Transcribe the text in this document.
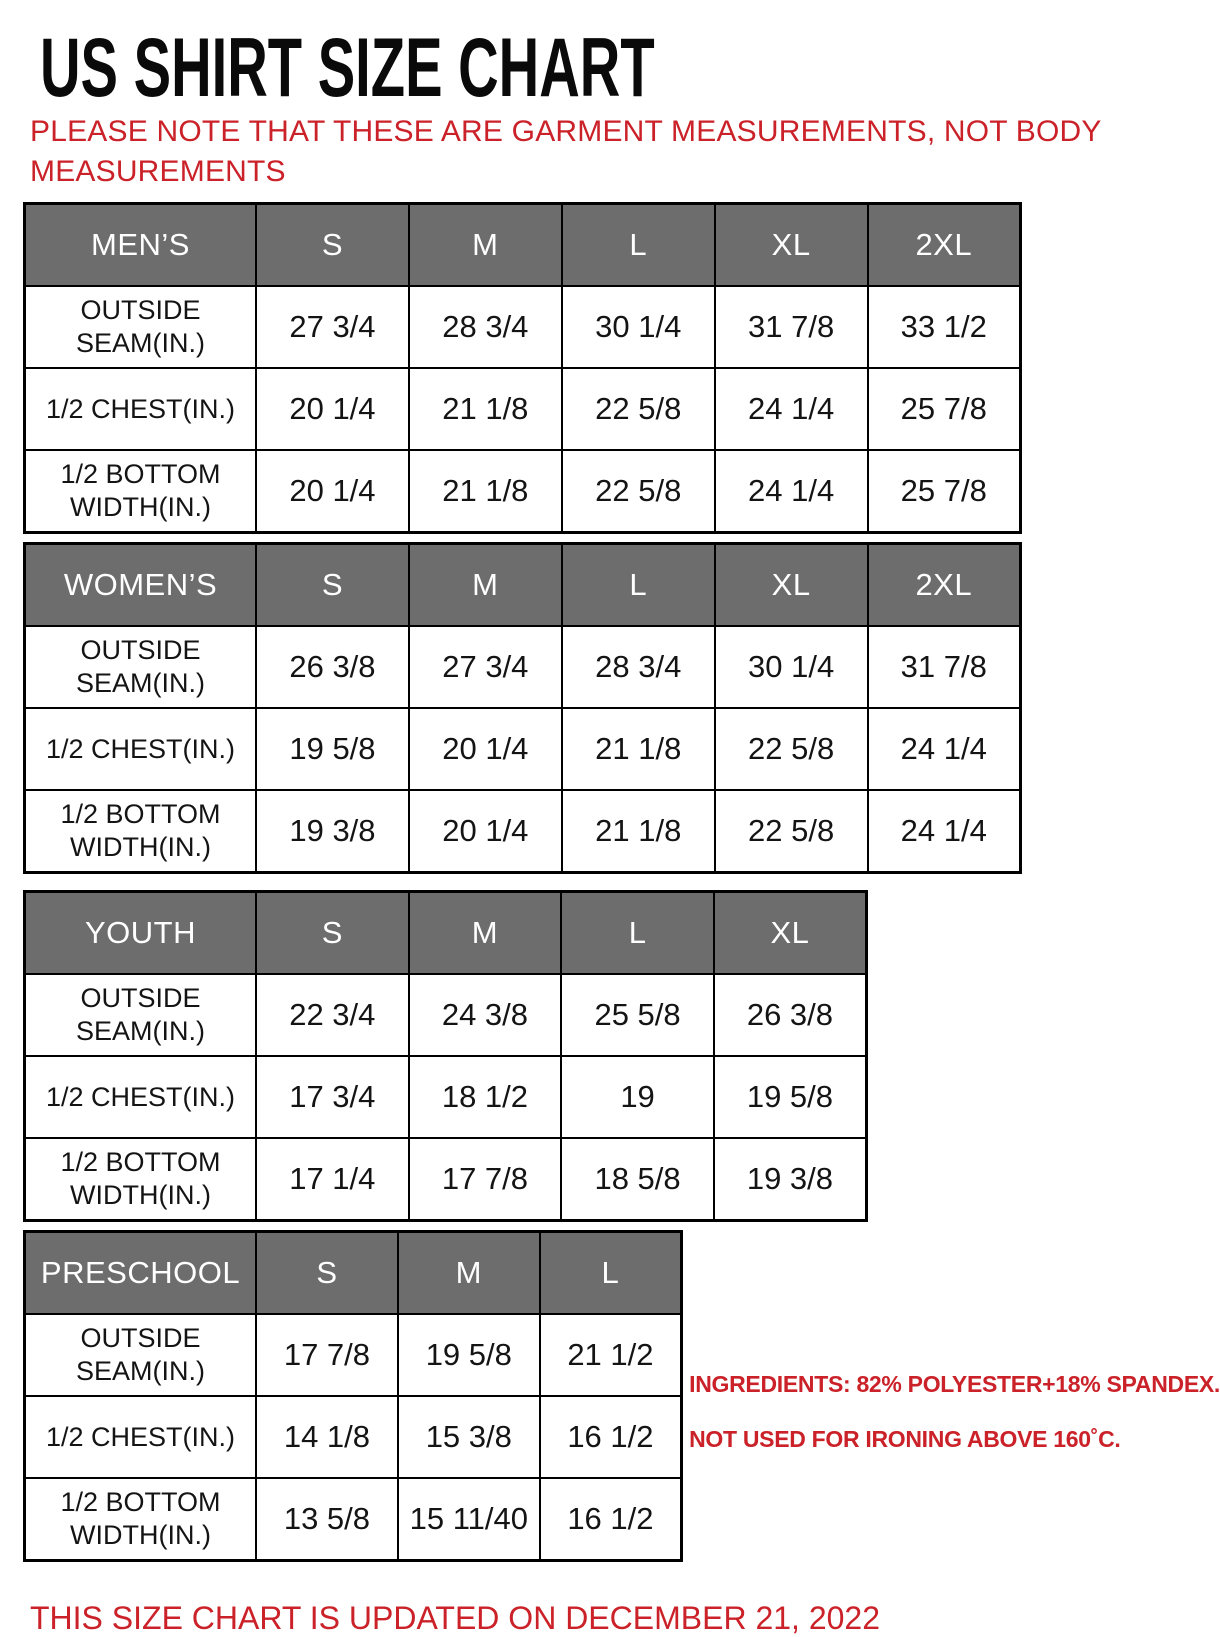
US SHIRT SIZE CHART

PLEASE NOTE THAT THESE ARE GARMENT MEASUREMENTS, NOT BODY MEASUREMENTS

MEN’S	S	M	L	XL	2XL
OUTSIDE SEAM(IN.)	27 3/4	28 3/4	30 1/4	31 7/8	33 1/2
1/2 CHEST(IN.)	20 1/4	21 1/8	22 5/8	24 1/4	25 7/8
1/2 BOTTOM WIDTH(IN.)	20 1/4	21 1/8	22 5/8	24 1/4	25 7/8
WOMEN’S	S	M	L	XL	2XL
OUTSIDE SEAM(IN.)	26 3/8	27 3/4	28 3/4	30 1/4	31 7/8
1/2 CHEST(IN.)	19 5/8	20 1/4	21 1/8	22 5/8	24 1/4
1/2 BOTTOM WIDTH(IN.)	19 3/8	20 1/4	21 1/8	22 5/8	24 1/4
YOUTH	S	M	L	XL
OUTSIDE SEAM(IN.)	22 3/4	24 3/8	25 5/8	26 3/8
1/2 CHEST(IN.)	17 3/4	18 1/2	19	19 5/8
1/2 BOTTOM WIDTH(IN.)	17 1/4	17 7/8	18 5/8	19 3/8
PRESCHOOL	S	M	L
OUTSIDE SEAM(IN.)	17 7/8	19 5/8	21 1/2
1/2 CHEST(IN.)	14 1/8	15 3/8	16 1/2
1/2 BOTTOM WIDTH(IN.)	13 5/8	15 11/40	16 1/2
INGREDIENTS: 82% POLYESTER+18% SPANDEX.
NOT USED FOR IRONING ABOVE 160˚C.

THIS SIZE CHART IS UPDATED ON DECEMBER 21, 2022
